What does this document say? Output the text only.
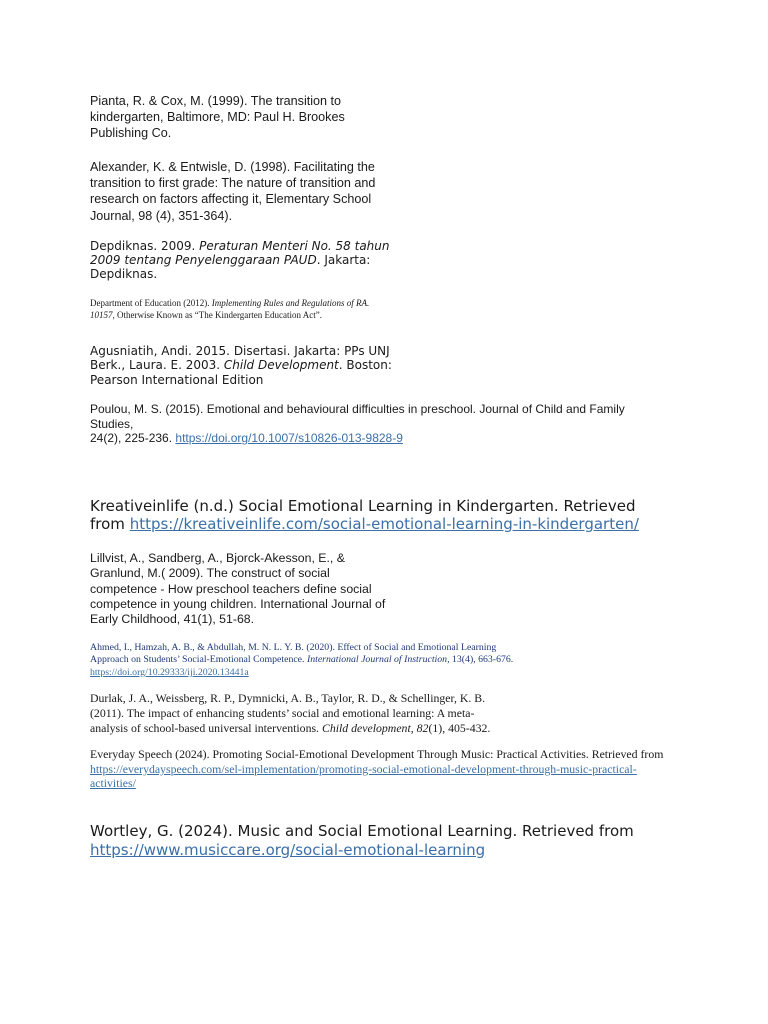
Pianta, R. & Cox, M. (1999). The transition to kindergarten, Baltimore, MD: Paul H. Brookes Publishing Co.

Alexander, K. & Entwisle, D. (1998). Facilitating the transition to first grade: The nature of transition and research on factors affecting it, Elementary School Journal, 98 (4), 351-364).

Depdiknas. 2009. Peraturan Menteri No. 58 tahun 2009 tentang Penyelenggaraan PAUD. Jakarta: Depdiknas.

Department of Education (2012). Implementing Rules and Regulations of RA. 10157, Otherwise Known as “The Kindergarten Education Act”.

Agusniatih, Andi. 2015. Disertasi. Jakarta: PPs UNJ
Berk., Laura. E. 2003. Child Development. Boston: Pearson International Edition
Poulou, M. S. (2015). Emotional and behavioural difficulties in preschool. Journal of Child and Family Studies,
24(2), 225-236. https://doi.org/10.1007/s10826-013-9828-9

Kreativeinlife (n.d.) Social Emotional Learning in Kindergarten. Retrieved from https://kreativeinlife.com/social-emotional-learning-in-kindergarten/

Lillvist, A., Sandberg, A., Bjorck-Akesson, E., & Granlund, M.( 2009). The construct of social competence - How preschool teachers define social competence in young children. International Journal of Early Childhood, 41(1), 51-68.

Ahmed, I., Hamzah, A. B., & Abdullah, M. N. L. Y. B. (2020). Effect of Social and Emotional Learning Approach on Students’ Social-Emotional Competence. International Journal of Instruction, 13(4), 663-676. https://doi.org/10.29333/iji.2020.13441a

Durlak, J. A., Weissberg, R. P., Dymnicki, A. B., Taylor, R. D., & Schellinger, K. B. (2011). The impact of enhancing students’ social and emotional learning: A meta-analysis of school-based universal interventions. Child development, 82(1), 405-432.

Everyday Speech (2024). Promoting Social-Emotional Development Through Music: Practical Activities. Retrieved from https://everydayspeech.com/sel-implementation/promoting-social-emotional-development-through-music-practical-activities/

Wortley, G. (2024). Music and Social Emotional Learning. Retrieved from https://www.musiccare.org/social-emotional-learning
